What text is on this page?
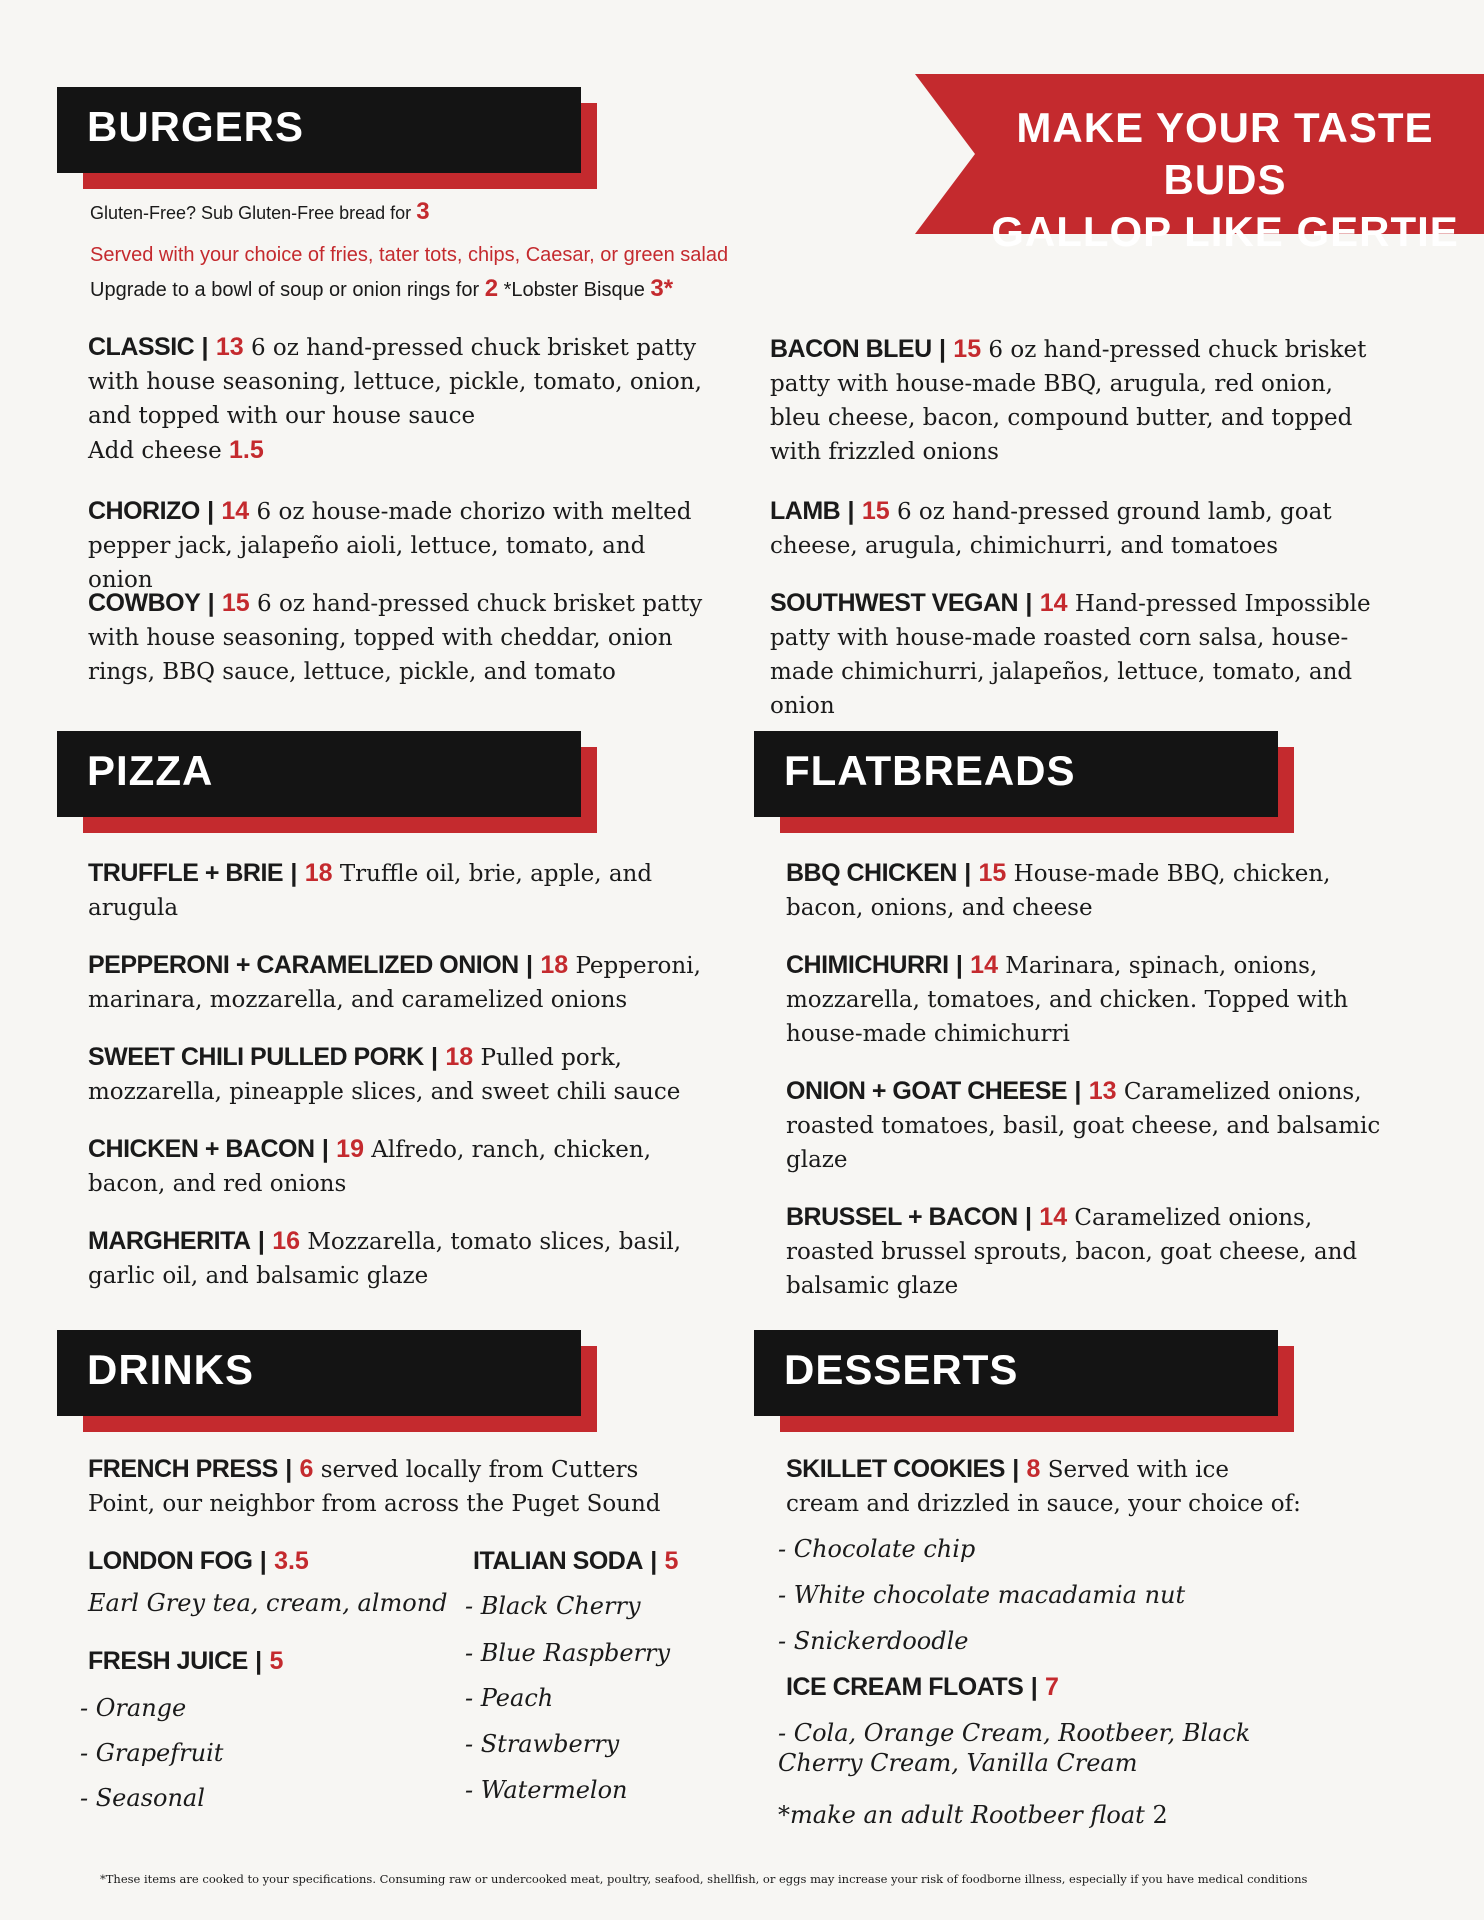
MAKE YOUR TASTE BUDS
GALLOP LIKE GERTIE
BURGERS
Gluten-Free? Sub Gluten-Free bread for 3
Served with your choice of fries, tater tots, chips, Caesar, or green salad
Upgrade to a bowl of soup or onion rings for 2 *Lobster Bisque 3*
CLASSIC | 13 6 oz hand-pressed chuck brisket patty with house seasoning, lettuce, pickle, tomato, onion, and topped with our house sauce
Add cheese 1.5
CHORIZO | 14 6 oz house-made chorizo with melted pepper jack, jalapeño aioli, lettuce, tomato, and onion
COWBOY | 15 6 oz hand-pressed chuck brisket patty with house seasoning, topped with cheddar, onion rings, BBQ sauce, lettuce, pickle, and tomato
BACON BLEU | 15 6 oz hand-pressed chuck brisket patty with house-made BBQ, arugula, red onion, bleu cheese, bacon, compound butter, and topped with frizzled onions
LAMB | 15 6 oz hand-pressed ground lamb, goat cheese, arugula, chimichurri, and tomatoes
SOUTHWEST VEGAN | 14 Hand-pressed Impossible patty with house-made roasted corn salsa, house-made chimichurri, jalapeños, lettuce, tomato, and onion
PIZZA
TRUFFLE + BRIE | 18 Truffle oil, brie, apple, and arugula
PEPPERONI + CARAMELIZED ONION | 18 Pepperoni, marinara, mozzarella, and caramelized onions
SWEET CHILI PULLED PORK | 18 Pulled pork, mozzarella, pineapple slices, and sweet chili sauce
CHICKEN + BACON | 19 Alfredo, ranch, chicken, bacon, and red onions
MARGHERITA | 16 Mozzarella, tomato slices, basil, garlic oil, and balsamic glaze
FLATBREADS
BBQ CHICKEN | 15 House-made BBQ, chicken, bacon, onions, and cheese
CHIMICHURRI | 14 Marinara, spinach, onions, mozzarella, tomatoes, and chicken. Topped with house-made chimichurri
ONION + GOAT CHEESE | 13 Caramelized onions, roasted tomatoes, basil, goat cheese, and balsamic glaze
BRUSSEL + BACON | 14 Caramelized onions, roasted brussel sprouts, bacon, goat cheese, and balsamic glaze
DRINKS
FRENCH PRESS | 6 served locally from Cutters Point, our neighbor from across the Puget Sound
LONDON FOG | 3.5
Earl Grey tea, cream, almond
FRESH JUICE | 5
- Orange
- Grapefruit
- Seasonal
ITALIAN SODA | 5
- Black Cherry
- Blue Raspberry
- Peach
- Strawberry
- Watermelon
DESSERTS
SKILLET COOKIES | 8 Served with ice cream and drizzled in sauce, your choice of:
- Chocolate chip
- White chocolate macadamia nut
- Snickerdoodle
ICE CREAM FLOATS | 7
- Cola, Orange Cream, Rootbeer, Black Cherry Cream, Vanilla Cream
*make an adult Rootbeer float 2
*These items are cooked to your specifications. Consuming raw or undercooked meat, poultry, seafood, shellfish, or eggs may increase your risk of foodborne illness, especially if you have medical conditions
